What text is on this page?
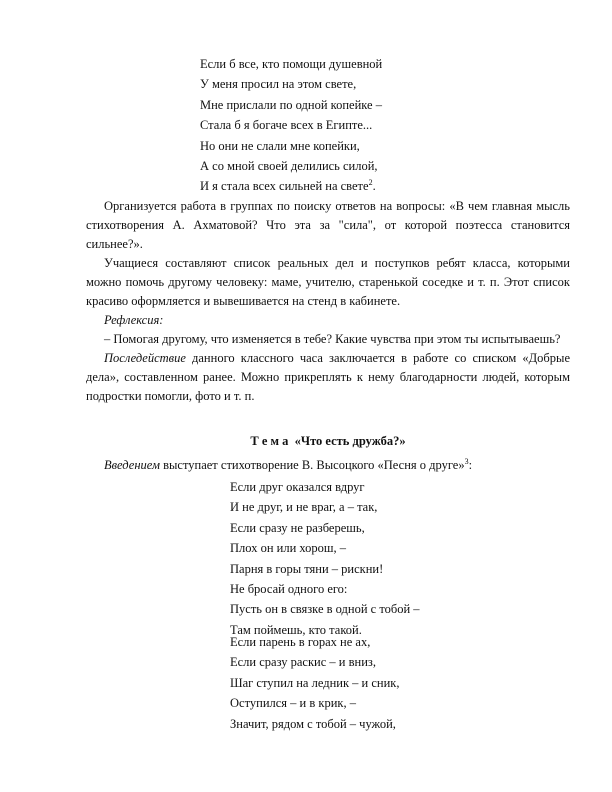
Если б все, кто помощи душевной
У меня просил на этом свете,
Мне прислали по одной копейке –
Стала б я богаче всех в Египте...
Но они не слали мне копейки,
А со мной своей делились силой,
И я стала всех сильней на свете$^2$.

Организуется работа в группах по поиску ответов на вопросы: «В чем главная мысль стихотворения А. Ахматовой? Что эта за "сила", от которой поэтесса становится сильнее?».

Учащиеся составляют список реальных дел и поступков ребят класса, которыми можно помочь другому человеку: маме, учителю, старенькой соседке и т. п. Этот список красиво оформляется и вывешивается на стенд в кабинете.

Рефлексия:

– Помогая другому, что изменяется в тебе? Какие чувства при этом ты испытываешь?

Последействие данного классного часа заключается в работе со списком «Добрые дела», составленном ранее. Можно прикреплять к нему благодарности людей, которым подростки помогли, фото и т. п.

Т е м а «Что есть дружба?»

Введением выступает стихотворение В. Высоцкого «Песня о друге»$^3$:

Если друг оказался вдруг
И не друг, и не враг, а – так,
Если сразу не разберешь,
Плох он или хорош, –
Парня в горы тяни – рискни!
Не бросай одного его:
Пусть он в связке в одной с тобой –
Там поймешь, кто такой.
Если парень в горах не ах,
Если сразу раскис – и вниз,
Шаг ступил на ледник – и сник,
Оступился – и в крик, –
Значит, рядом с тобой – чужой,
